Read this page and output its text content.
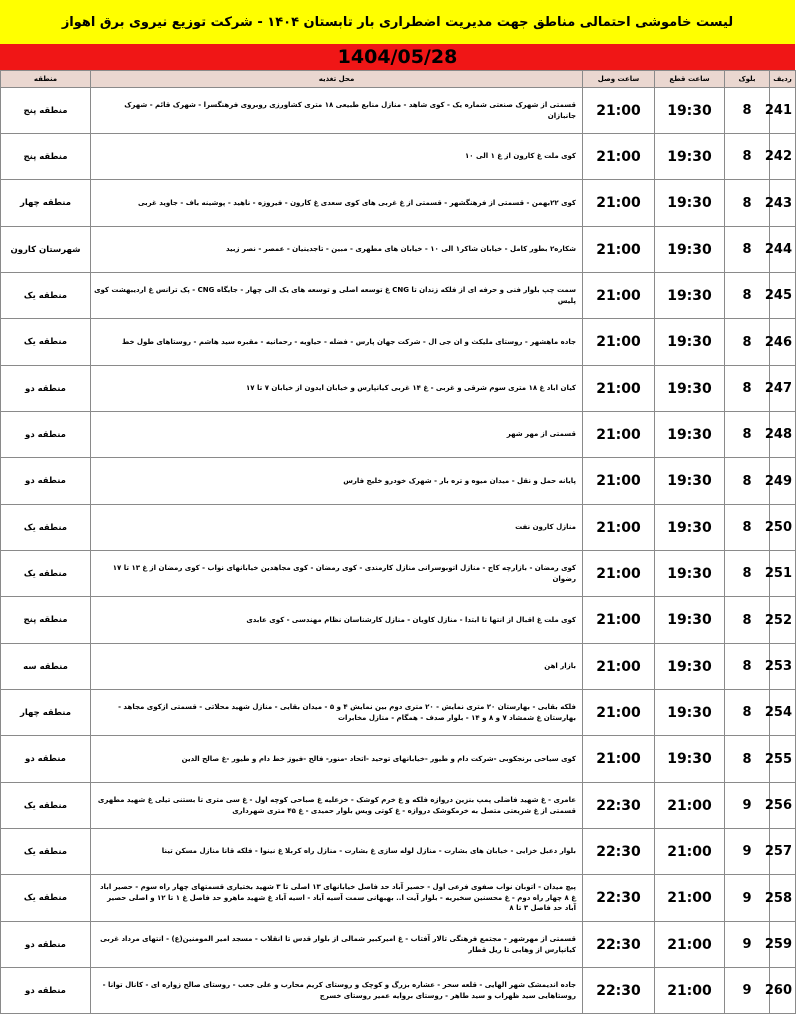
لیست خاموشی احتمالی مناطق جهت مدیریت اضطراری بار تابستان ۱۴۰۴ - شرکت توزیع نیروی برق اهواز
1404/05/28
ردیف	بلوک	ساعت قطع	ساعت وصل	محل تغذیه	منطقه
241	8	19:30	21:00	قسمتی از شهرک صنعتی شماره یک - کوی شاهد - منازل منابع طبیعی ۱۸ متری کشاورزی روبروی فرهنگسرا - شهرک قائم - شهرک جانبازان	منطقه پنج
242	8	19:30	21:00	کوی ملت غ کارون از غ ۱ الی ۱۰	منطقه پنج
243	8	19:30	21:00	کوی ۲۲بهمن - قسمتی از فرهنگشهر - قسمتی از غ غربی های کوی سعدی غ کارون - فیروزه - ناهید - پوشینه باف - جاوید غربی	منطقه چهار
244	8	19:30	21:00	شکاره۲ بطور کامل - خیابان شاکر۱ الی ۱۰ - خیابان های مطهری - مبین - تاجدینیان - عمصر - نصر زبید	شهرستان کارون
245	8	19:30	21:00	سمت چپ بلوار فنی و حرفه ای از فلکه زندان تا CNG غ توسعه اصلی و توسعه های یک الی چهار - جایگاه CNG - پک ترانس غ اردیبهشت کوی پلیس	منطقه یک
246	8	19:30	21:00	جاده ماهشهر - روستای ملیکث و ان جی ال - شرکت جهان پارس - فضله - حیاویه - رحمانیه - مقبره سید هاشم - روستاهای طول خط	منطقه یک
247	8	19:30	21:00	کیان اباد غ ۱۸ متری سوم شرقی و غربی - غ ۱۴ غربی کیانپارس و خیابان ایدون از خیابان ۷ تا ۱۷	منطقه دو
248	8	19:30	21:00	قسمتی از مهر شهر	منطقه دو
249	8	19:30	21:00	پایانه حمل و نقل - میدان میوه و تره بار - شهرک خودرو خلیج فارس	منطقه دو
250	8	19:30	21:00	منازل کارون نفت	منطقه یک
251	8	19:30	21:00	کوی رمضان - بازارچه کاج - منازل اتوبوسرانی منازل کارمندی - کوی رمضان - کوی مجاهدین خیابانهای نواب - کوی رمضان از غ ۱۳ تا ۱۷ رضوان	منطقه یک
252	8	19:30	21:00	کوی ملت غ اقبال از انتها تا ابتدا - منازل کاویان - منازل کارشناسان نظام مهندسی - کوی عابدی	منطقه پنج
253	8	19:30	21:00	بازار اهن	منطقه سه
254	8	19:30	21:00	فلکه بقایی - بهارستان ۲۰ متری نمایش - ۲۰ متری دوم بین نمایش ۴ و ۵ - میدان بقایی - منازل شهید محلاتی - قسمتی ازکوی مجاهد - بهارستان غ شمشاد ۷ و ۸ و ۱۴ - بلوار صدف - همگام - منازل مخابرات	منطقه چهار
255	8	19:30	21:00	کوی سیاحی برنجکوبی -شرکت دام و طیور -خیابانهای توحید -اتحاد -منور- فالح -فیوز خط دام و طیور -غ صالح الدین	منطقه دو
256	9	21:00	22:30	عامری - غ شهید فاضلی پمپ بنزین دروازه فلکه و غ خرم کوشک - خزعلیه غ صباحی کوچه اول - غ سی متری تا بستنی تیلی غ شهید مطهری قسمتی از غ شریعتی متصل به خرمکوشک دروازه - غ کوتی ویس بلوار حمیدی - غ ۴۵ متری شهرداری	منطقه یک
257	9	21:00	22:30	بلوار دعبل خزایی - خیابان های بشارت - منازل لوله سازی غ بشارت - منازل راه کربلا غ نینوا - فلکه قانا منازل مسکن تینا	منطقه یک
258	9	21:00	22:30	پیچ میدان - اتوبان نواب صفوی فرعی اول - حصیر آباد حد فاصل خیابانهای ۱۳ اصلی تا ۳ شهید بختیاری قسمتهای چهار راه سوم - حصیر اباد غ ۸ چهار راه دوم - غ محسنین سخیریه - بلوار آیت ا.. بهبهانی سمت آسیه آباد - اسیه آباد غ شهید ماهرو حد فاصل غ ۱ تا ۱۲ و اصلی حصیر آباد حد فاصل ۳ تا ۸	منطقه یک
259	9	21:00	22:30	قسمتی از مهرشهر - مجتمع فرهنگی تالار آفتاب - غ امیرکبیر شمالی از بلوار قدس تا انقلاب - مسجد امیر المومنین(ع) - انتهای مرداد غربی کیانپارس از وهابی تا ریل قطار	منطقه دو
260	9	21:00	22:30	جاده اندیمشک شهر الهایی - قلعه سحر - عشاره بزرگ و کوچک و روستای کریم محارب و علی جعب - روستای صالح زواره ای - کانال توانا - روستاهایی سید ظهراب و سید طاهر - روستای بروایه عمیر روستای خسرج	منطقه دو
